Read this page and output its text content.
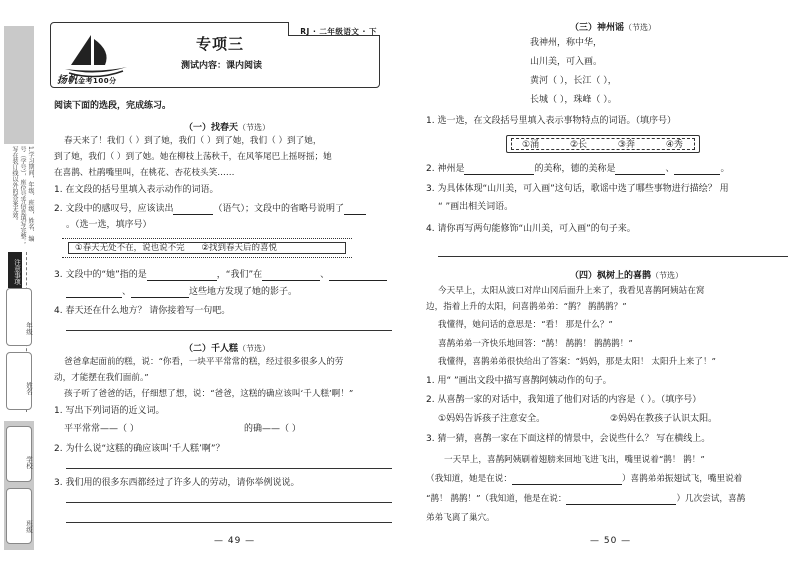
1.学习期间，年级、班级，姓名、编号（学号），座位号等信息填写完整；写在装订线以外的答案无效。
注意事项
年级
姓名
学校
班级
RJ · 二年级语文 · 下
扬帆金考100分
专项三
测试内容：课内阅读
阅读下面的选段，完成练习。
（一）找春天（节选）
春天来了！我们（ ）到了她，我们（ ）到了她，我们（ ）到了她，
到了她，我们（ ）到了她。她在柳枝上荡秋千，在风筝尾巴上摇呀摇；她
在喜鹊、杜鹃嘴里叫，在桃花、杏花枝头笑……
1. 在文段的括号里填入表示动作的词语。
2. 文段中的感叹号，应该读出	（语气）；文段中的省略号说明了
。（选一选，填序号）
①春天无处不在，说也说不完 ②找到春天后的喜悦
3. 文段中的“她”指的是	，“我们”在	、
、	这些地方发现了她的影子。
4. 春天还在什么地方？ 请你接着写一句吧。
（二）千人糕（节选）
爸爸拿起面前的糕，说：“你看，一块平平常常的糕，经过很多很多人的劳
动，才能摆在我们面前。”
孩子听了爸爸的话，仔细想了想，说：“爸爸，这糕的确应该叫‘千人糕’啊！”
1. 写出下列词语的近义词。
平平常常——（ ）	的确——（ ）
2. 为什么说“这糕的确应该叫‘千人糕’啊”？
3. 我们用的很多东西都经过了许多人的劳动，请你举例说说。
— 49 —
（三）神州谣（节选）
我神州，称中华，
山川美，可入画。
黄河（ ），长江（ ），
长城（ ），珠峰（ ）。
1. 选一选，在文段括号里填入表示事物特点的词语。（填序号）
①涌	②长	③奔	④秀
2. 神州是	的美称，德的美称是	、	。
3. 为具体体现“山川美，可入画”这句话，歌谣中选了哪些事物进行描绘？ 用
“ ”画出相关词语。
4. 请你再写两句能修饰“山川美，可入画”的句子来。
（四）枫树上的喜鹊（节选）
今天早上，太阳从波口对岸山冈后面升上来了，我看见喜鹊阿姨站在窝
边，指着上升的太阳，问喜鹊弟弟：“鹊？ 鹊鹊鹊？”
我懂得，她问话的意思是：“看！ 那是什么？”
喜鹊弟弟一齐快乐地回答：“鹊！ 鹊鹊！ 鹊鹊鹊！”
我懂得，喜鹊弟弟很快给出了答案：“妈妈，那是太阳！ 太阳升上来了！”
1. 用“ ”画出文段中描写喜鹊阿姨动作的句子。
2. 从喜鹊一家的对话中，我知道了他们对话的内容是（ ）。（填序号）
①妈妈告诉孩子注意安全。	②妈妈在教孩子认识太阳。
3. 猜一猜，喜鹊一家在下面这样的情景中，会说些什么？ 写在横线上。
一天早上，喜鹊阿姨刷着翅膀来回地飞进飞出，嘴里说着“鹊！ 鹊！”
（我知道，她是在说：	）喜鹊弟弟振翅试飞，嘴里说着
“鹊！ 鹊鹊！”（我知道，他是在说：	）几次尝试，喜鹊
弟弟飞离了巢穴。
— 50 —
